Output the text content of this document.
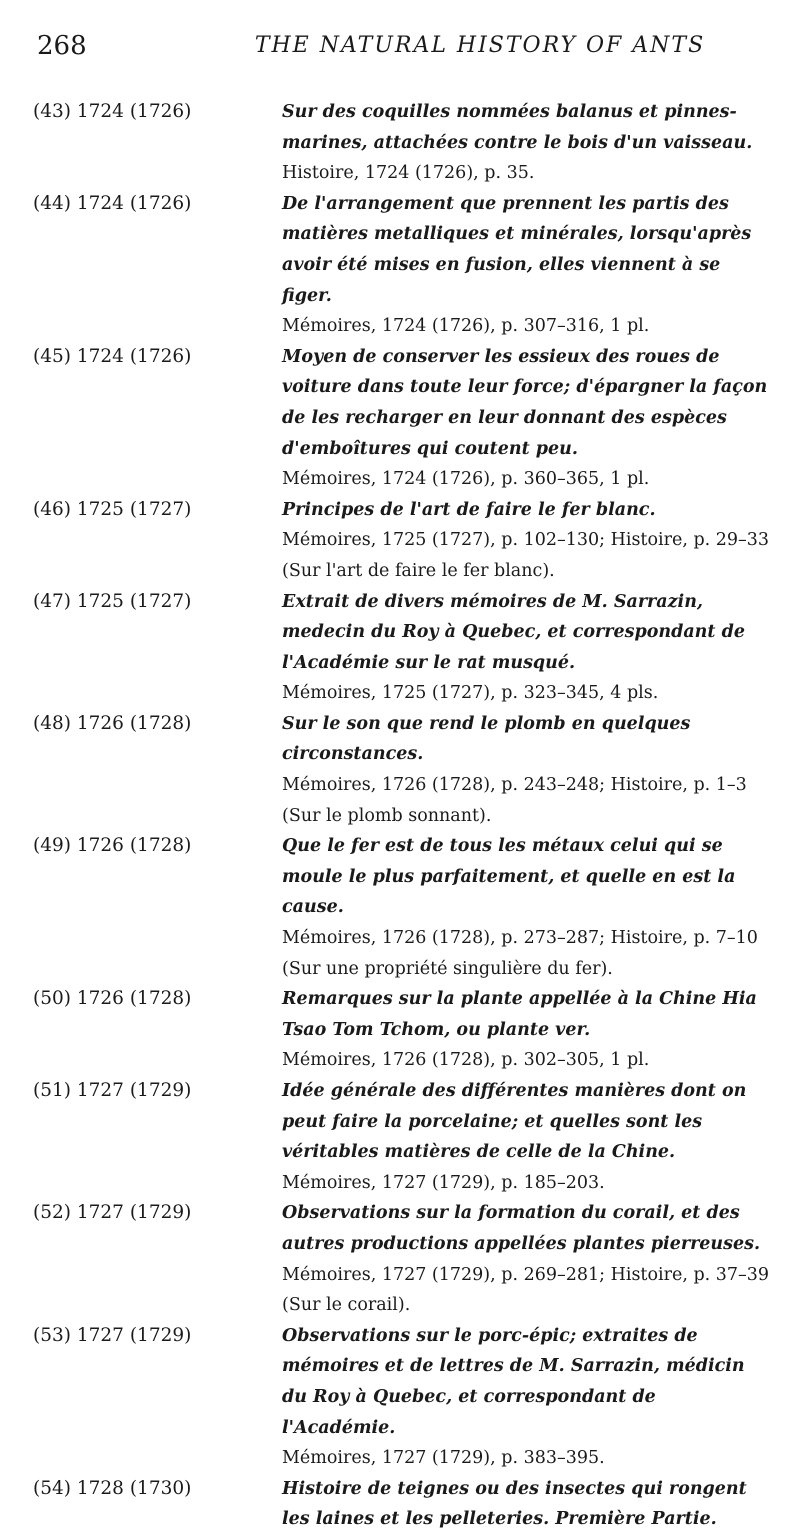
268	THE NATURAL HISTORY OF ANTS
(43) 1724 (1726)	Sur des coquilles nommées balanus et pinnes-marines, attachées contre le bois d'un vaisseau.
Histoire, 1724 (1726), p. 35.
(44) 1724 (1726)	De l'arrangement que prennent les partis des matières metalliques et minérales, lorsqu'après avoir été mises en fusion, elles viennent à se figer.
Mémoires, 1724 (1726), p. 307–316, 1 pl.
(45) 1724 (1726)	Moyen de conserver les essieux des roues de voiture dans toute leur force; d'épargner la façon de les recharger en leur donnant des espèces d'emboîtures qui coutent peu.
Mémoires, 1724 (1726), p. 360–365, 1 pl.
(46) 1725 (1727)	Principes de l'art de faire le fer blanc.
Mémoires, 1725 (1727), p. 102–130; Histoire, p. 29–33 (Sur l'art de faire le fer blanc).
(47) 1725 (1727)	Extrait de divers mémoires de M. Sarrazin, medecin du Roy à Quebec, et correspondant de l'Académie sur le rat musqué.
Mémoires, 1725 (1727), p. 323–345, 4 pls.
(48) 1726 (1728)	Sur le son que rend le plomb en quelques circonstances.
Mémoires, 1726 (1728), p. 243–248; Histoire, p. 1–3 (Sur le plomb sonnant).
(49) 1726 (1728)	Que le fer est de tous les métaux celui qui se moule le plus parfaitement, et quelle en est la cause.
Mémoires, 1726 (1728), p. 273–287; Histoire, p. 7–10 (Sur une propriété singulière du fer).
(50) 1726 (1728)	Remarques sur la plante appellée à la Chine Hia Tsao Tom Tchom, ou plante ver.
Mémoires, 1726 (1728), p. 302–305, 1 pl.
(51) 1727 (1729)	Idée générale des différentes manières dont on peut faire la porcelaine; et quelles sont les véritables matières de celle de la Chine.
Mémoires, 1727 (1729), p. 185–203.
(52) 1727 (1729)	Observations sur la formation du corail, et des autres productions appellées plantes pierreuses.
Mémoires, 1727 (1729), p. 269–281; Histoire, p. 37–39 (Sur le corail).
(53) 1727 (1729)	Observations sur le porc-épic; extraites de mémoires et de lettres de M. Sarrazin, médicin du Roy à Quebec, et correspondant de l'Académie.
Mémoires, 1727 (1729), p. 383–395.
(54) 1728 (1730)	Histoire de teignes ou des insectes qui rongent les laines et les pelleteries. Première Partie.
